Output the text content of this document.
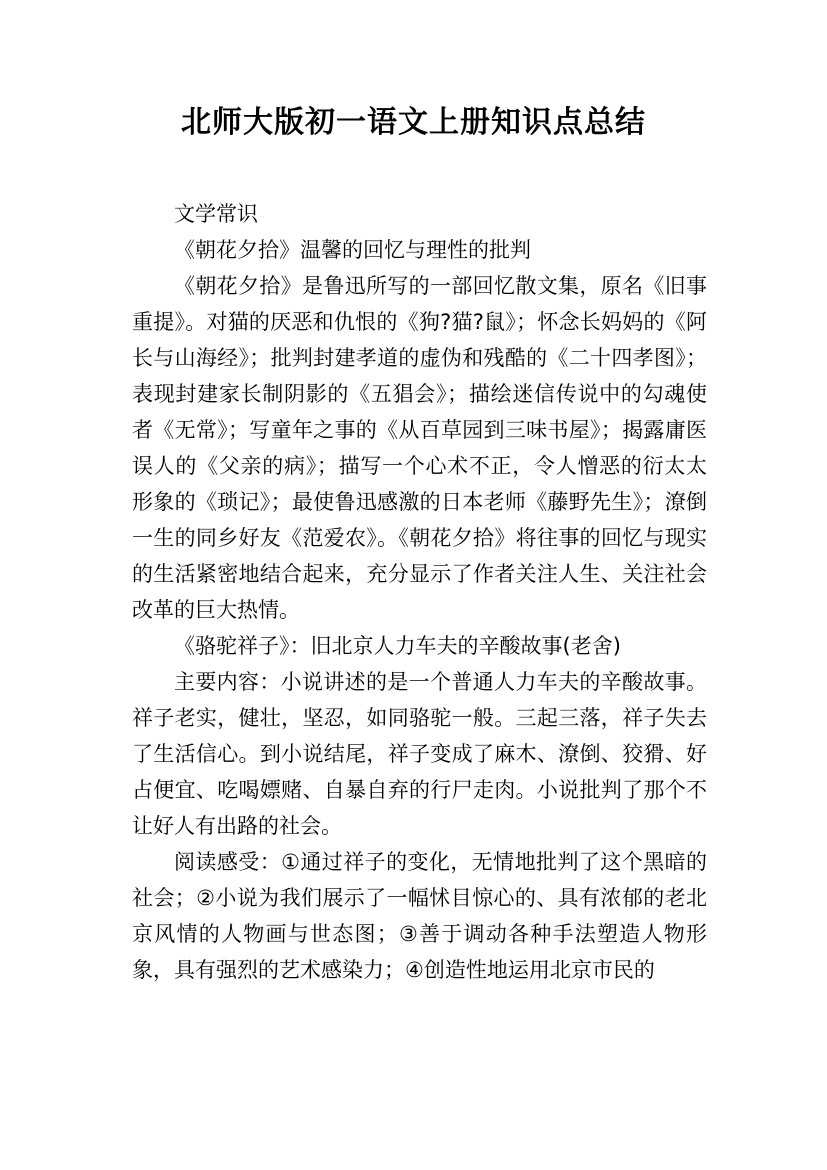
北师大版初一语文上册知识点总结

文学常识

《朝花夕拾》温馨的回忆与理性的批判

《朝花夕拾》是鲁迅所写的一部回忆散文集，原名《旧事重提》。对猫的厌恶和仇恨的《狗?猫?鼠》；怀念长妈妈的《阿长与山海经》；批判封建孝道的虚伪和残酷的《二十四孝图》；表现封建家长制阴影的《五猖会》；描绘迷信传说中的勾魂使者《无常》；写童年之事的《从百草园到三味书屋》；揭露庸医误人的《父亲的病》；描写一个心术不正，令人憎恶的衍太太形象的《琐记》；最使鲁迅感激的日本老师《藤野先生》；潦倒一生的同乡好友《范爱农》。《朝花夕拾》将往事的回忆与现实的生活紧密地结合起来，充分显示了作者关注人生、关注社会改革的巨大热情。

《骆驼祥子》：旧北京人力车夫的辛酸故事(老舍)

主要内容：小说讲述的是一个普通人力车夫的辛酸故事。祥子老实，健壮，坚忍，如同骆驼一般。三起三落，祥子失去了生活信心。到小说结尾，祥子变成了麻木、潦倒、狡猾、好占便宜、吃喝嫖赌、自暴自弃的行尸走肉。小说批判了那个不让好人有出路的社会。

阅读感受：①通过祥子的变化，无情地批判了这个黑暗的社会；②小说为我们展示了一幅怵目惊心的、具有浓郁的老北京风情的人物画与世态图；③善于调动各种手法塑造人物形象，具有强烈的艺术感染力；④创造性地运用北京市民的
